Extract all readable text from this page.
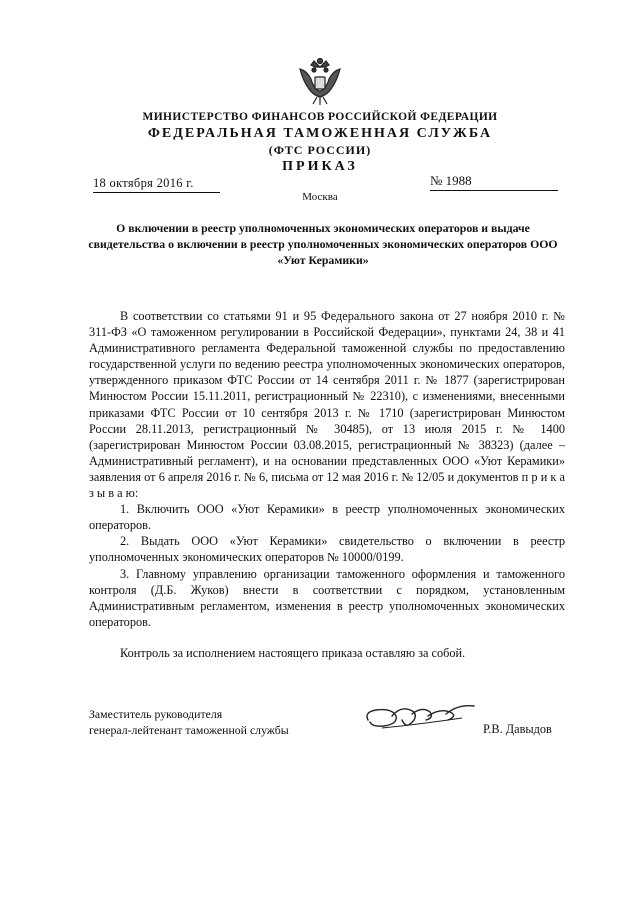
МИНИСТЕРСТВО ФИНАНСОВ РОССИЙСКОЙ ФЕДЕРАЦИИ
ФЕДЕРАЛЬНАЯ ТАМОЖЕННАЯ СЛУЖБА
(ФТС РОССИИ)
ПРИКАЗ
18 октября 2016 г.	№ 1988
Москва
О включении в реестр уполномоченных экономических операторов и выдаче свидетельства о включении в реестр уполномоченных экономических операторов ООО «Уют Керамики»

В соответствии со статьями 91 и 95 Федерального закона от 27 ноября 2010 г. № 311-ФЗ «О таможенном регулировании в Российской Федерации», пунктами 24, 38 и 41 Административного регламента Федеральной таможенной службы по предоставлению государственной услуги по ведению реестра уполномоченных экономических операторов, утвержденного приказом ФТС России от 14 сентября 2011 г. № 1877 (зарегистрирован Минюстом России 15.11.2011, регистрационный № 22310), с изменениями, внесенными приказами ФТС России от 10 сентября 2013 г. № 1710 (зарегистрирован Минюстом России 28.11.2013, регистрационный № 30485), от 13 июля 2015 г. № 1400 (зарегистрирован Минюстом России 03.08.2015, регистрационный № 38323) (далее – Административный регламент), и на основании представленных ООО «Уют Керамики» заявления от 6 апреля 2016 г. № 6, письма от 12 мая 2016 г. № 12/05 и документов п р и к а з ы в а ю:

1. Включить ООО «Уют Керамики» в реестр уполномоченных экономических операторов.

2. Выдать ООО «Уют Керамики» свидетельство о включении в реестр уполномоченных экономических операторов № 10000/0199.

3. Главному управлению организации таможенного оформления и таможенного контроля (Д.Б. Жуков) внести в соответствии с порядком, установленным Административным регламентом, изменения в реестр уполномоченных экономических операторов.

Контроль за исполнением настоящего приказа оставляю за собой.

Заместитель руководителя
генерал-лейтенант таможенной службы	Р.В. Давыдов
